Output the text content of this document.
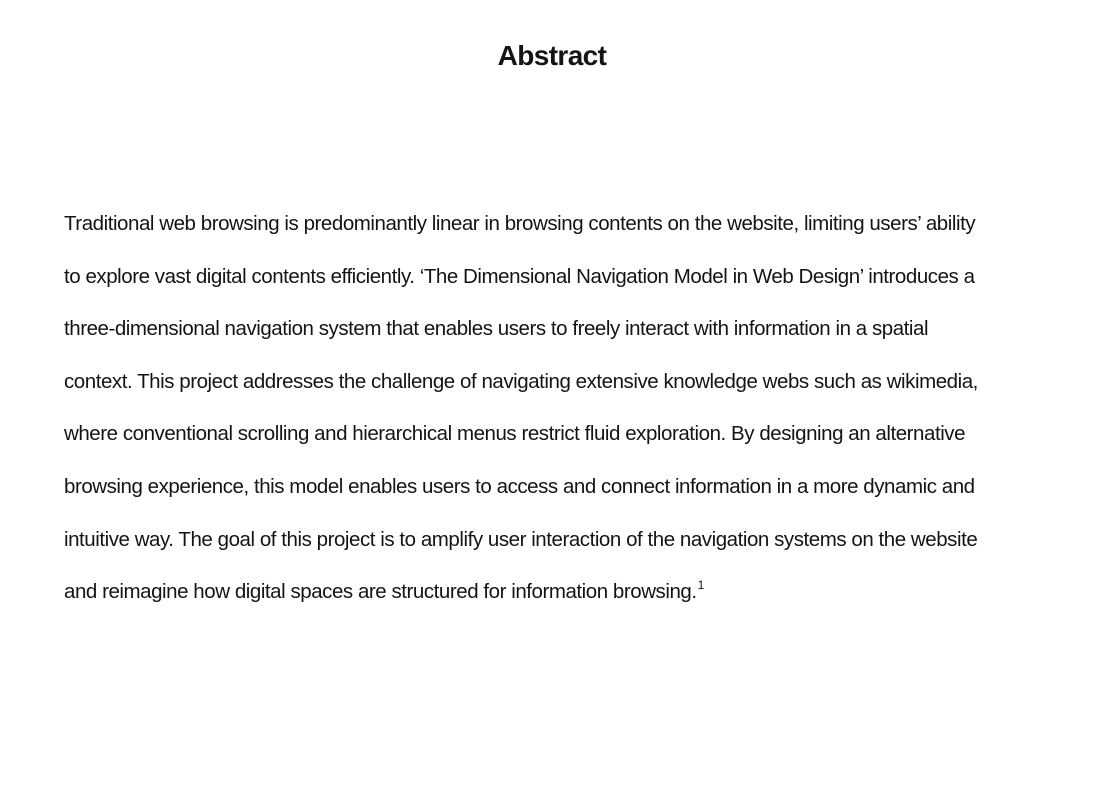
Abstract

Traditional web browsing is predominantly linear in browsing contents on the website, limiting users’ ability
to explore vast digital contents efficiently. ‘The Dimensional Navigation Model in Web Design’ introduces a
three-dimensional navigation system that enables users to freely interact with information in a spatial
context. This project addresses the challenge of navigating extensive knowledge webs such as wikimedia,
where conventional scrolling and hierarchical menus restrict fluid exploration. By designing an alternative
browsing experience, this model enables users to access and connect information in a more dynamic and
intuitive way. The goal of this project is to amplify user interaction of the navigation systems on the website
and reimagine how digital spaces are structured for information browsing.$^1$
